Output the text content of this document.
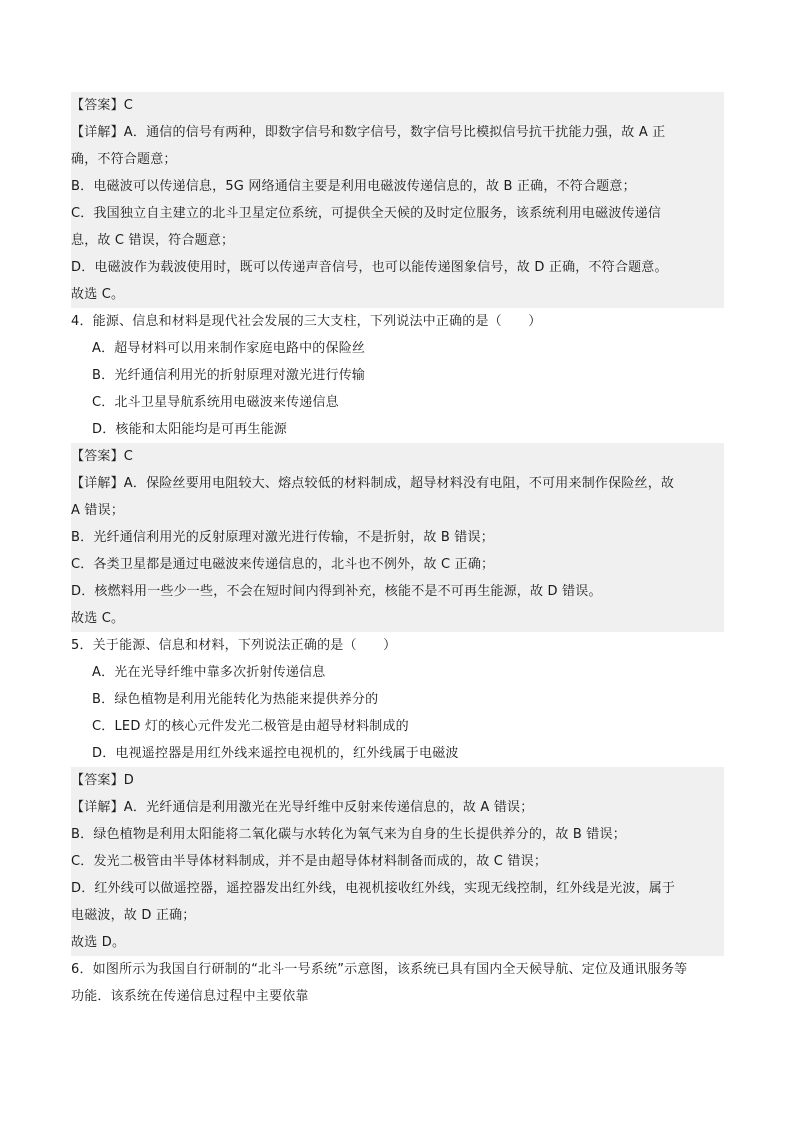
【答案】C
【详解】A．通信的信号有两种，即数字信号和数字信号，数字信号比模拟信号抗干扰能力强，故 A 正
确，不符合题意；
B．电磁波可以传递信息，5G 网络通信主要是利用电磁波传递信息的，故 B 正确，不符合题意；
C．我国独立自主建立的北斗卫星定位系统，可提供全天候的及时定位服务，该系统利用电磁波传递信
息，故 C 错误，符合题意；
D．电磁波作为载波使用时，既可以传递声音信号，也可以能传递图象信号，故 D 正确，不符合题意。
故选 C。
4．能源、信息和材料是现代社会发展的三大支柱，下列说法中正确的是（　　）
A．超导材料可以用来制作家庭电路中的保险丝
B．光纤通信利用光的折射原理对激光进行传输
C．北斗卫星导航系统用电磁波来传递信息
D．核能和太阳能均是可再生能源
【答案】C
【详解】A．保险丝要用电阻较大、熔点较低的材料制成，超导材料没有电阻，不可用来制作保险丝，故
A 错误；
B．光纤通信利用光的反射原理对激光进行传输，不是折射，故 B 错误；
C．各类卫星都是通过电磁波来传递信息的，北斗也不例外，故 C 正确；
D．核燃料用一些少一些，不会在短时间内得到补充，核能不是不可再生能源，故 D 错误。
故选 C。
5．关于能源、信息和材料，下列说法正确的是（　　）
A．光在光导纤维中靠多次折射传递信息
B．绿色植物是利用光能转化为热能来提供养分的
C．LED 灯的核心元件发光二极管是由超导材料制成的
D．电视遥控器是用红外线来遥控电视机的，红外线属于电磁波
【答案】D
【详解】A．光纤通信是利用激光在光导纤维中反射来传递信息的，故 A 错误；
B．绿色植物是利用太阳能将二氧化碳与水转化为氧气来为自身的生长提供养分的，故 B 错误；
C．发光二极管由半导体材料制成，并不是由超导体材料制备而成的，故 C 错误；
D．红外线可以做遥控器，遥控器发出红外线，电视机接收红外线，实现无线控制，红外线是光波，属于
电磁波，故 D 正确；
故选 D。
6．如图所示为我国自行研制的“北斗一号系统”示意图，该系统已具有国内全天候导航、定位及通讯服务等
功能．该系统在传递信息过程中主要依靠
